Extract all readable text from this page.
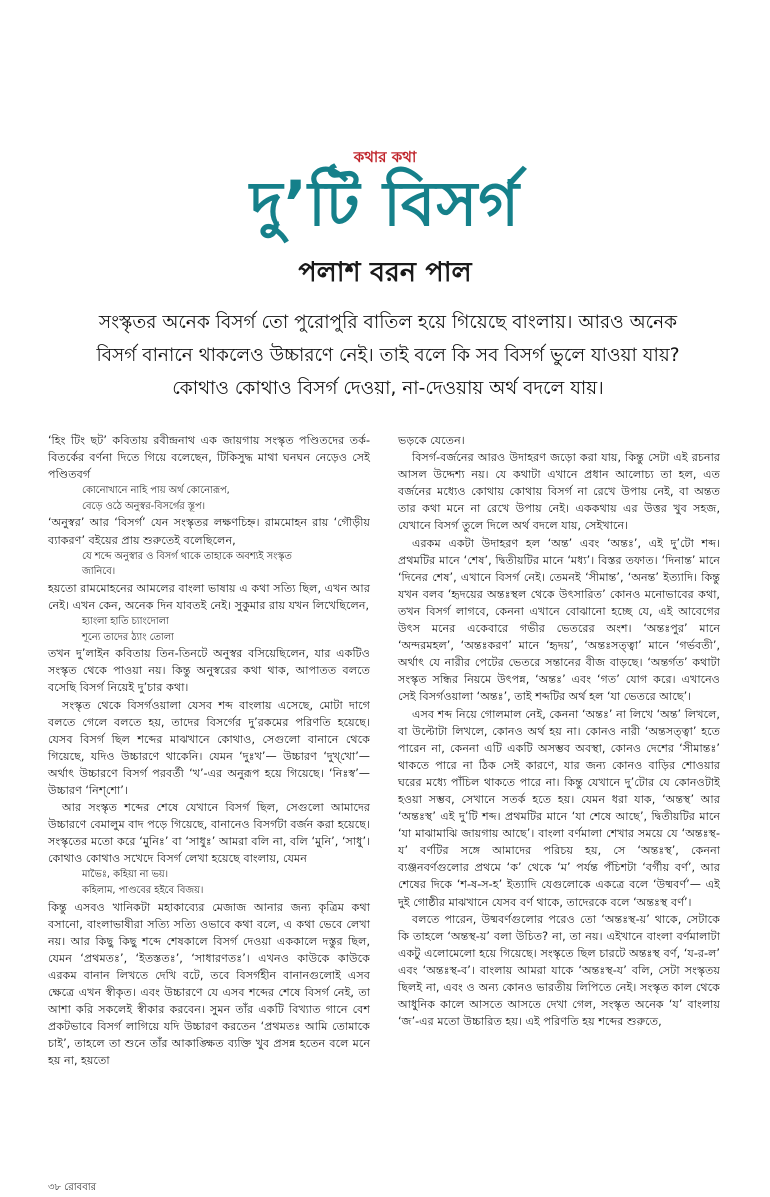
কথার কথা
দু’টি বিসর্গ
পলাশ বরন পাল
সংস্কৃতর অনেক বিসর্গ তো পুরোপুরি বাতিল হয়ে গিয়েছে বাংলায়। আরও অনেক বিসর্গ বানানে থাকলেও উচ্চারণে নেই। তাই বলে কি সব বিসর্গ ভুলে যাওয়া যায়? কোথাও কোথাও বিসর্গ দেওয়া, না-দেওয়ায় অর্থ বদলে যায়।

‘হিং টিং ছট’ কবিতায় রবীন্দ্রনাথ এক জায়গায় সংস্কৃত পণ্ডিতদের তর্ক-বিতর্কের বর্ণনা দিতে গিয়ে বলেছেন, টিকিসুদ্ধ মাথা ঘনঘন নেড়েও সেই পণ্ডিতবর্গ

কোনোখানে নাহি পায় অর্থ কোনোরূপ,

বেড়ে ওঠে অনুস্বর-বিসর্গের স্তূপ।

‘অনুস্বর’ আর ‘বিসর্গ’ যেন সংস্কৃতর লক্ষণচিহ্ন। রামমোহন রায় ‘গৌড়ীয় ব্যাকরণ’ বইয়ের প্রায় শুরুতেই বলেছিলেন,

যে শব্দে অনুস্বার ও বিসর্গ থাকে তাহাকে অবশ্যই সংস্কৃত

জানিবে।

হয়তো রামমোহনের আমলের বাংলা ভাষায় এ কথা সত্যি ছিল, এখন আর নেই। এখন কেন, অনেক দিন যাবতই নেই। সুকুমার রায় যখন লিখেছিলেন,

হ্যাংলা হাতি চ্যাংদোলা

শূন্যে তাদের ঠ্যাং তোলা

তখন দু’লাইন কবিতায় তিন-তিনটে অনুস্বর বসিয়েছিলেন, যার একটিও সংস্কৃত থেকে পাওয়া নয়। কিন্তু অনুস্বরের কথা থাক, আপাতত বলতে বসেছি বিসর্গ নিয়েই দু’চার কথা।

সংস্কৃত থেকে বিসর্গওয়ালা যেসব শব্দ বাংলায় এসেছে, মোটা দাগে বলতে গেলে বলতে হয়, তাদের বিসর্গের দু’রকমের পরিণতি হয়েছে। যেসব বিসর্গ ছিল শব্দের মাঝখানে কোথাও, সেগুলো বানানে থেকে গিয়েছে, যদিও উচ্চারণে থাকেনি। যেমন ‘দুঃখ’— উচ্চারণ ‘দুখ্‌খো’— অর্থাৎ উচ্চারণে বিসর্গ পরবর্তী ‘খ’-এর অনুরূপ হয়ে গিয়েছে। ‘নিঃস্ব’— উচ্চারণ ‘নিশ্‌শো’।

আর সংস্কৃত শব্দের শেষে যেখানে বিসর্গ ছিল, সেগুলো আমাদের উচ্চারণে বেমালুম বাদ পড়ে গিয়েছে, বানানেও বিসর্গটা বর্জন করা হয়েছে। সংস্কৃতের মতো করে ‘মুনিঃ’ বা ‘সাধুঃ’ আমরা বলি না, বলি ‘মুনি’, ‘সাধু’। কোথাও কোথাও সখেদে বিসর্গ লেখা হয়েছে বাংলায়, যেমন

মাভৈঃ, কহিয়া না ভয়।

কহিলাম, পাণ্ডবের হইবে বিজয়।

কিন্তু এসবও খানিকটা মহাকাব্যের মেজাজ আনার জন্য কৃত্রিম কথা বসানো, বাংলাভাষীরা সত্যি সত্যি ওভাবে কথা বলে, এ কথা ভেবে লেখা নয়। আর কিছু কিছু শব্দে শেষকালে বিসর্গ দেওয়া এককালে দস্তুর ছিল, যেমন ‘প্রথমতঃ’, ‘ইতস্ততঃ’, ‘সাধারণতঃ’। এখনও কাউকে কাউকে এরকম বানান লিখতে দেখি বটে, তবে বিসর্গহীন বানানগুলোই এসব ক্ষেত্রে এখন স্বীকৃত। এবং উচ্চারণে যে এসব শব্দের শেষে বিসর্গ নেই, তা আশা করি সকলেই স্বীকার করবেন। সুমন তাঁর একটি বিখ্যাত গানে বেশ প্রকটভাবে বিসর্গ লাগিয়ে যদি উচ্চারণ করতেন ‘প্রথমতঃ আমি তোমাকে চাই’, তাহলে তা শুনে তাঁর আকাঙ্ক্ষিত ব্যক্তি খুব প্রসন্ন হতেন বলে মনে হয় না, হয়তো

ভড়কে যেতেন।

বিসর্গ-বর্জনের আরও উদাহরণ জড়ো করা যায়, কিন্তু সেটা এই রচনার আসল উদ্দেশ্য নয়। যে কথাটা এখানে প্রধান আলোচ্য তা হল, এত বর্জনের মধ্যেও কোথায় কোথায় বিসর্গ না রেখে উপায় নেই, বা অন্তত তার কথা মনে না রেখে উপায় নেই। এককথায় এর উত্তর খুব সহজ, যেখানে বিসর্গ তুলে দিলে অর্থ বদলে যায়, সেইখানে।

এরকম একটা উদাহরণ হল ‘অন্ত’ এবং ‘অন্তঃ’, এই দু’টো শব্দ। প্রথমটির মানে ‘শেষ’, দ্বিতীয়টির মানে ‘মধ্য’। বিস্তর তফাত। ‘দিনান্ত’ মানে ‘দিনের শেষ’, এখানে বিসর্গ নেই। তেমনই ‘সীমান্ত’, ‘অনন্ত’ ইত্যাদি। কিন্তু যখন বলব ‘হৃদয়ের অন্তঃস্থল থেকে উৎসারিত’ কোনও মনোভাবের কথা, তখন বিসর্গ লাগবে, কেননা এখানে বোঝানো হচ্ছে যে, এই আবেগের উৎস মনের একেবারে গভীর ভেতরের অংশ। ‘অন্তঃপুর’ মানে ‘অন্দরমহল’, ‘অন্তঃকরণ’ মানে ‘হৃদয়’, ‘অন্তঃসত্ত্বা’ মানে ‘গর্ভবতী’, অর্থাৎ যে নারীর পেটের ভেতরে সন্তানের বীজ বাড়ছে। ‘অন্তর্গত’ কথাটা সংস্কৃত সন্ধির নিয়মে উৎপন্ন, ‘অন্তঃ’ এবং ‘গত’ যোগ করে। এখানেও সেই বিসর্গওয়ালা ‘অন্তঃ’, তাই শব্দটির অর্থ হল ‘যা ভেতরে আছে’।

এসব শব্দ নিয়ে গোলমাল নেই, কেননা ‘অন্তঃ’ না লিখে ‘অন্ত’ লিখলে, বা উল্টোটা লিখলে, কোনও অর্থ হয় না। কোনও নারী ‘অন্তসত্ত্বা’ হতে পারেন না, কেননা এটি একটি অসম্ভব অবস্থা, কোনও দেশের ‘সীমান্তঃ’ থাকতে পারে না ঠিক সেই কারণে, যার জন্য কোনও বাড়ির শোওয়ার ঘরের মধ্যে পাঁচিল থাকতে পারে না। কিন্তু যেখানে দু’টোর যে কোনওটাই হওয়া সম্ভব, সেখানে সতর্ক হতে হয়। যেমন ধরা যাক, ‘অন্তস্থ’ আর ‘অন্তঃস্থ’ এই দু’টি শব্দ। প্রথমটির মানে ‘যা শেষে আছে’, দ্বিতীয়টির মানে ‘যা মাঝামাঝি জায়গায় আছে’। বাংলা বর্ণমালা শেখার সময়ে যে ‘অন্তঃস্থ-য’ বর্ণটির সঙ্গে আমাদের পরিচয় হয়, সে ‘অন্তঃস্থ’, কেননা ব্যঞ্জনবর্ণগুলোর প্রথমে ‘ক’ থেকে ‘ম’ পর্যন্ত পঁচিশটা ‘বর্গীয় বর্ণ’, আর শেষের দিকে ‘শ-ষ-স-হ’ ইত্যাদি যেগুলোকে একত্রে বলে ‘উষ্মবর্ণ’— এই দুই গোষ্ঠীর মাঝখানে যেসব বর্ণ থাকে, তাদেরকে বলে ‘অন্তঃস্থ বর্ণ’।

বলতে পারেন, উষ্মবর্ণগুলোর পরেও তো ‘অন্তঃস্থ-য়’ থাকে, সেটাকে কি তাহলে ‘অন্তস্থ-য়’ বলা উচিত? না, তা নয়। এইখানে বাংলা বর্ণমালাটা একটু এলোমেলো হয়ে গিয়েছে। সংস্কৃতে ছিল চারটে অন্তঃস্থ বর্ণ, ‘য-র-ল’ এবং ‘অন্তঃস্থ-ব’। বাংলায় আমরা যাকে ‘অন্তঃস্থ-য’ বলি, সেটা সংস্কৃতয় ছিলই না, এবং ও অন্য কোনও ভারতীয় লিপিতে নেই। সংস্কৃত কাল থেকে আধুনিক কালে আসতে আসতে দেখা গেল, সংস্কৃত অনেক ‘য’ বাংলায় ‘জ’-এর মতো উচ্চারিত হয়। এই পরিণতি হয় শব্দের শুরুতে,

৩৮ রোববার
